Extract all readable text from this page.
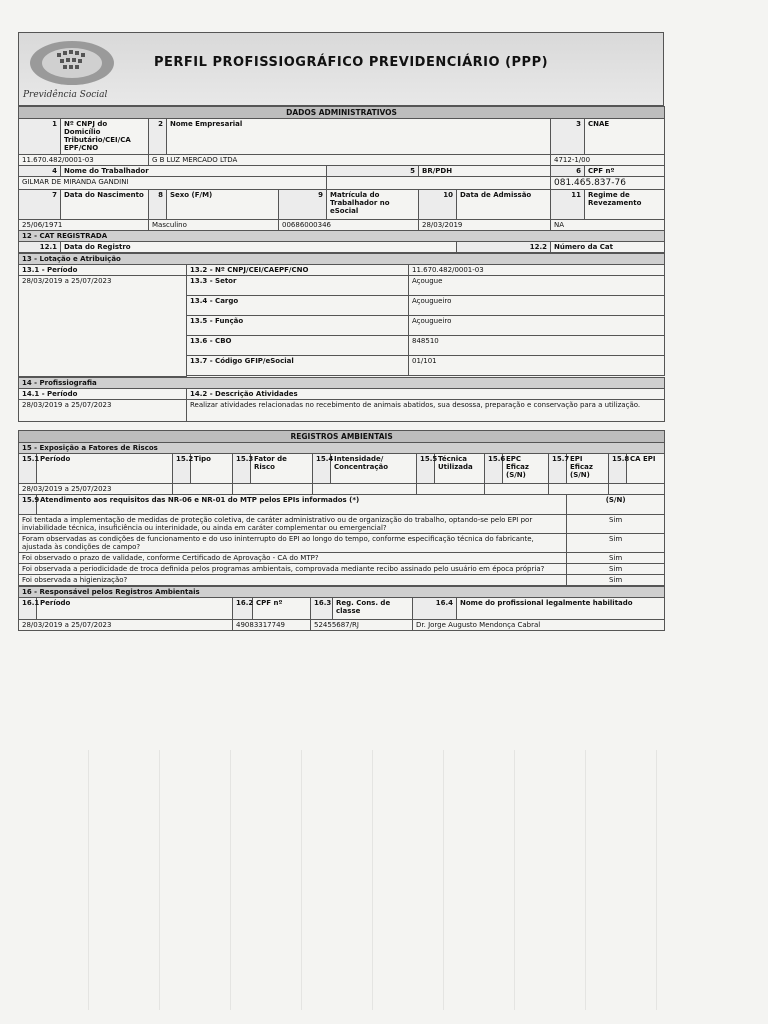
Previdência Social
PERFIL PROFISSIOGRÁFICO PREVIDENCIÁRIO (PPP)
DADOS ADMINISTRATIVOS									
1	Nº CNPJ do Domicílio Tributário/CEI/CA EPF/CNO	2	Nome Empresarial					3	CNAE
11.670.482/0001-03		G B LUZ MERCADO LTDA						4712-1/00	
4	Nome do Trabalhador				5	BR/PDH		6	CPF nº
GILMAR DE MIRANDA GANDINI								081.465.837-76	
7	Data do Nascimento	8	Sexo (F/M)	9	Matrícula do Trabalhador no eSocial	10	Data de Admissão	11	Regime de Revezamento
25/06/1971		Masculino		00686000346		28/03/2019		NA	
12 - CAT REGISTRADA									
12.1	Data do Registro						12.2	Número da Cat	
13 - Lotação e Atribuição		
13.1 - Período	13.2 - Nº CNPJ/CEI/CAEPF/CNO	11.670.482/0001-03
28/03/2019 a 25/07/2023	13.3 - Setor	Açougue
	13.4 - Cargo	Açougueiro
	13.5 - Função	Açougueiro
	13.6 - CBO	848510
	13.7 - Código GFIP/eSocial	01/101

14 - Profissiografia	
14.1 - Período	14.2 - Descrição Atividades
28/03/2019 a 25/07/2023	Realizar atividades relacionadas no recebimento de animais abatidos, sua desossa, preparação e conservação para a utilização.
REGISTROS AMBIENTAIS															
15 - Exposição a Fatores de Riscos															
15.1	Período	15.2	Tipo	15.3	Fator de Risco	15.4	Intensidade/ Concentração	15.5	Técnica Utilizada	15.6	EPC Eficaz (S/N)	15.7	EPI Eficaz (S/N)	15.8	CA EPI
28/03/2019 a 25/07/2023															
15.9	Atendimento aos requisitos das NR-06 e NR-01 do MTP pelos EPIs informados (*)												(S/N)		
Foi tentada a implementação de medidas de proteção coletiva, de caráter administrativo ou de organização do trabalho, optando-se pelo EPI por inviabilidade técnica, insuficiência ou interinidade, ou ainda em caráter complementar ou emergencial?													Sim		
Foram observadas as condições de funcionamento e do uso ininterrupto do EPI ao longo do tempo, conforme especificação técnica do fabricante, ajustada às condições de campo?													Sim		
Foi observado o prazo de validade, conforme Certificado de Aprovação - CA do MTP?													Sim		
Foi observada a periodicidade de troca definida pelos programas ambientais, comprovada mediante recibo assinado pelo usuário em época própria?													Sim		
Foi observada a higienização?													Sim		
16 - Responsável pelos Registros Ambientais							
16.1	Período	16.2	CPF nº	16.3	Reg. Cons. de classe	16.4	Nome do profissional legalmente habilitado
28/03/2019 a 25/07/2023		49083317749		52455687/RJ		Dr. Jorge Augusto Mendonça Cabral	
